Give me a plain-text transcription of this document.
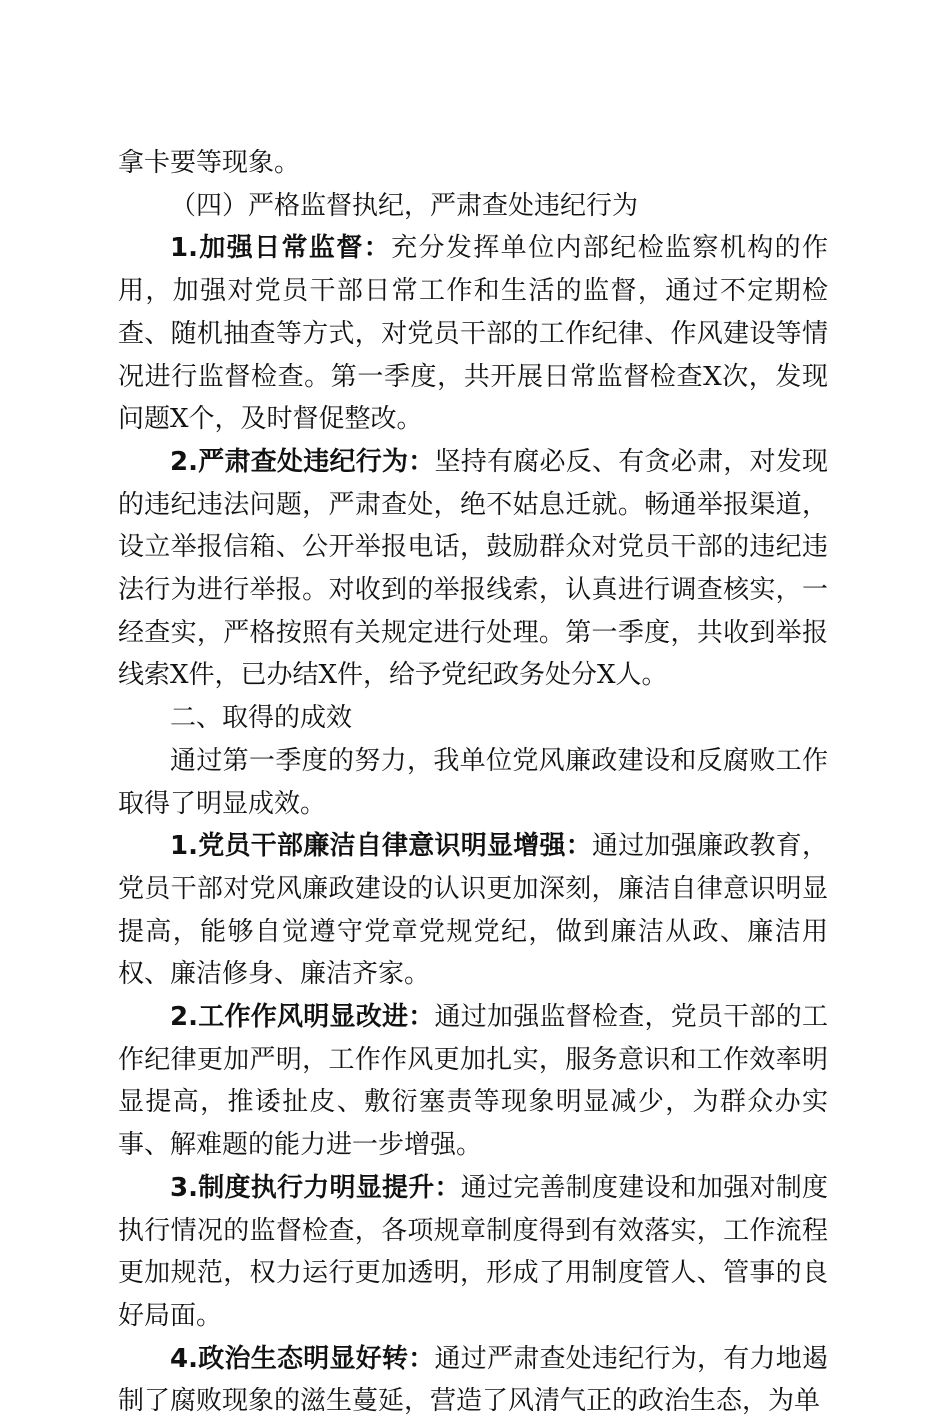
拿卡要等现象。

（四）严格监督执纪，严肃查处违纪行为

1.加强日常监督：充分发挥单位内部纪检监察机构的作用，加强对党员干部日常工作和生活的监督，通过不定期检查、随机抽查等方式，对党员干部的工作纪律、作风建设等情况进行监督检查。第一季度，共开展日常监督检查X次，发现问题X个，及时督促整改。

2.严肃查处违纪行为：坚持有腐必反、有贪必肃，对发现的违纪违法问题，严肃查处，绝不姑息迁就。畅通举报渠道，设立举报信箱、公开举报电话，鼓励群众对党员干部的违纪违法行为进行举报。对收到的举报线索，认真进行调查核实，一经查实，严格按照有关规定进行处理。第一季度，共收到举报线索X件，已办结X件，给予党纪政务处分X人。

二、取得的成效

通过第一季度的努力，我单位党风廉政建设和反腐败工作取得了明显成效。

1.党员干部廉洁自律意识明显增强：通过加强廉政教育，党员干部对党风廉政建设的认识更加深刻，廉洁自律意识明显提高，能够自觉遵守党章党规党纪，做到廉洁从政、廉洁用权、廉洁修身、廉洁齐家。

2.工作作风明显改进：通过加强监督检查，党员干部的工作纪律更加严明，工作作风更加扎实，服务意识和工作效率明显提高，推诿扯皮、敷衍塞责等现象明显减少，为群众办实事、解难题的能力进一步增强。

3.制度执行力明显提升：通过完善制度建设和加强对制度执行情况的监督检查，各项规章制度得到有效落实，工作流程更加规范，权力运行更加透明，形成了用制度管人、管事的良好局面。

4.政治生态明显好转：通过严肃查处违纪行为，有力地遏制了腐败现象的滋生蔓延，营造了风清气正的政治生态，为单
